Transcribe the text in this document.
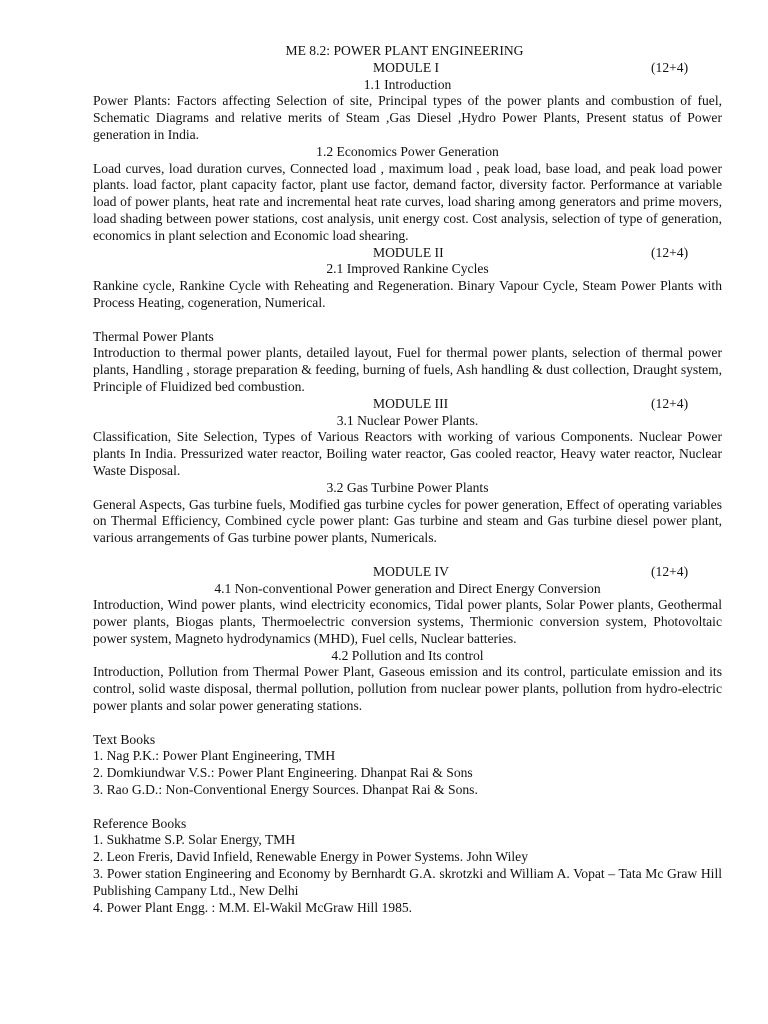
ME 8.2: POWER PLANT ENGINEERING
MODULE I	(12+4)
1.1 Introduction
Power Plants: Factors affecting Selection of site, Principal types of the power plants and combustion of fuel, Schematic Diagrams and relative merits of Steam ,Gas Diesel ,Hydro Power Plants, Present status of Power generation in India.
1.2 Economics Power Generation
Load curves, load duration curves, Connected load , maximum load , peak load, base load, and peak load power plants. load factor, plant capacity factor, plant use factor, demand factor, diversity factor. Performance at variable load of power plants, heat rate and incremental heat rate curves, load sharing among generators and prime movers, load shading between power stations, cost analysis, unit energy cost. Cost analysis, selection of type of generation, economics in plant selection and Economic load shearing.
MODULE II	(12+4)
2.1 Improved Rankine Cycles
Rankine cycle, Rankine Cycle with Reheating and Regeneration. Binary Vapour Cycle, Steam Power Plants with Process Heating, cogeneration, Numerical.
Thermal Power Plants
Introduction to thermal power plants, detailed layout, Fuel for thermal power plants, selection of thermal power plants, Handling , storage preparation & feeding, burning of fuels, Ash handling & dust collection, Draught system, Principle of Fluidized bed combustion.
MODULE III	(12+4)
3.1 Nuclear Power Plants.
Classification, Site Selection, Types of Various Reactors with working of various Components. Nuclear Power plants In India. Pressurized water reactor, Boiling water reactor, Gas cooled reactor, Heavy water reactor, Nuclear Waste Disposal.
3.2 Gas Turbine Power Plants
General Aspects, Gas turbine fuels, Modified gas turbine cycles for power generation, Effect of operating variables on Thermal Efficiency, Combined cycle power plant: Gas turbine and steam and Gas turbine diesel power plant, various arrangements of Gas turbine power plants, Numericals.
MODULE IV	(12+4)
4.1 Non-conventional Power generation and Direct Energy Conversion
Introduction, Wind power plants, wind electricity economics, Tidal power plants, Solar Power plants, Geothermal power plants, Biogas plants, Thermoelectric conversion systems, Thermionic conversion system, Photovoltaic power system, Magneto hydrodynamics (MHD), Fuel cells, Nuclear batteries.
4.2 Pollution and Its control
Introduction, Pollution from Thermal Power Plant, Gaseous emission and its control, particulate emission and its control, solid waste disposal, thermal pollution, pollution from nuclear power plants, pollution from hydro-electric power plants and solar power generating stations.
Text Books
1. Nag P.K.: Power Plant Engineering, TMH
2. Domkiundwar V.S.: Power Plant Engineering. Dhanpat Rai & Sons
3. Rao G.D.: Non-Conventional Energy Sources. Dhanpat Rai & Sons.
Reference Books
1. Sukhatme S.P. Solar Energy, TMH
2. Leon Freris, David Infield, Renewable Energy in Power Systems. John Wiley
3. Power station Engineering and Economy by Bernhardt G.A. skrotzki and William A. Vopat – Tata Mc Graw Hill Publishing Campany Ltd., New Delhi
4. Power Plant Engg. : M.M. El-Wakil McGraw Hill 1985.
